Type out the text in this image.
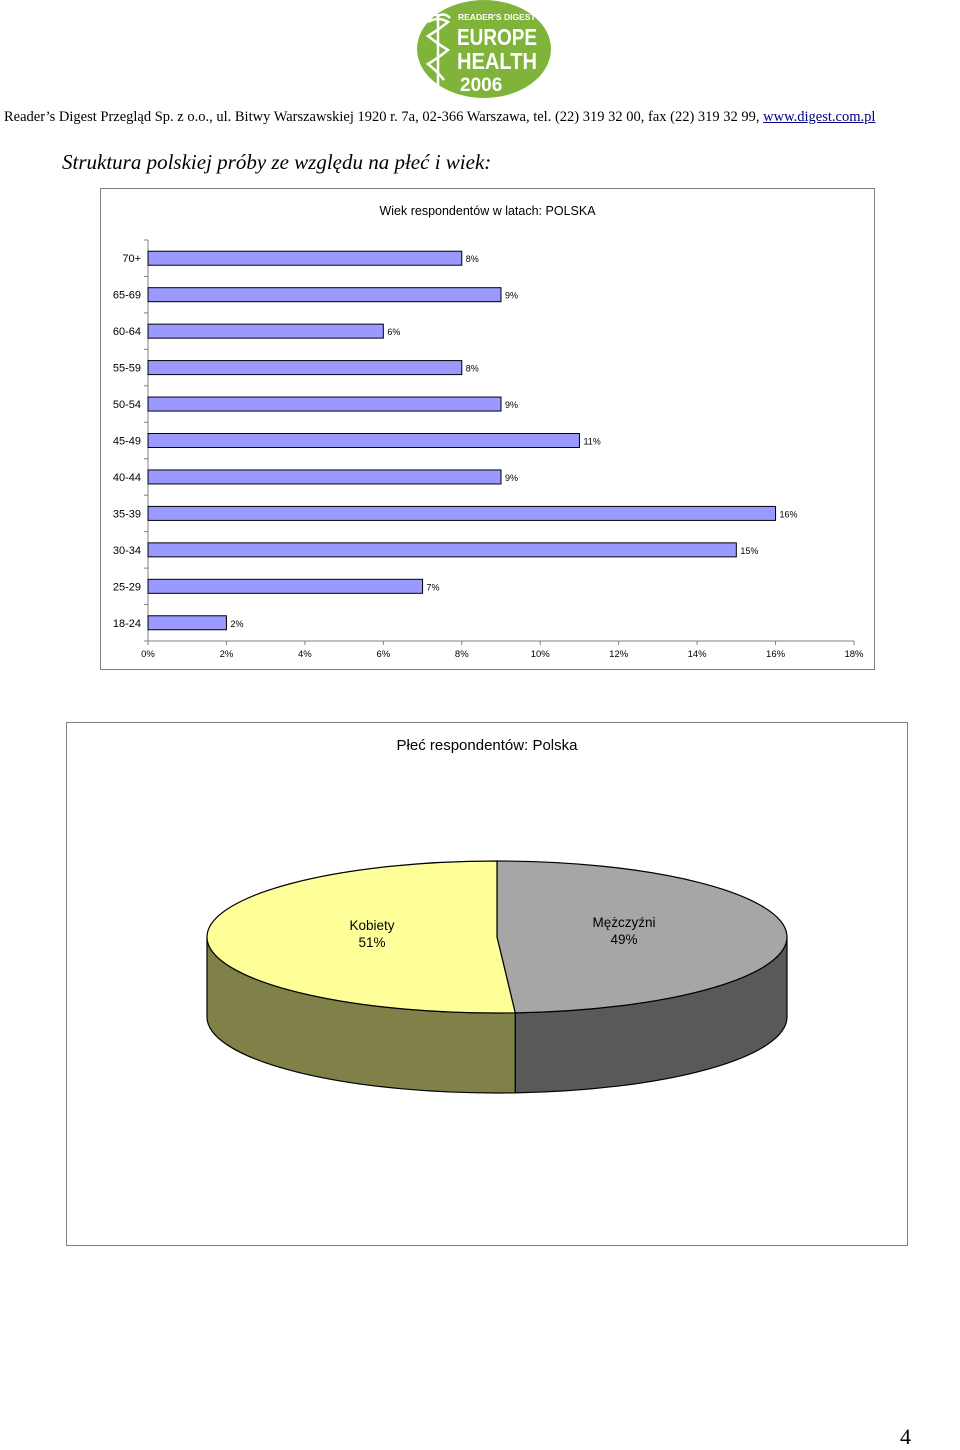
READER'S DIGEST
EUROPE
HEALTH
2006
Reader’s Digest Przegląd Sp. z o.o., ul. Bitwy Warszawskiej 1920 r. 7a, 02-366 Warszawa, tel. (22) 319 32 00, fax (22) 319 32 99, www.digest.com.pl
Struktura polskiej próby ze względu na płeć i wiek:
Wiek respondentów w latach: POLSKA
0%	2%	4%	6%	8%	10%	12%	14%	16%	18%
70+	8%
65-69	9%
60-64	6%
55-59	8%
50-54	9%
45-49	11%
40-44	9%
35-39	16%
30-34	15%
25-29	7%
18-24	2%
Płeć respondentów: Polska
Kobiety
51%
Mężczyźni
49%
4
